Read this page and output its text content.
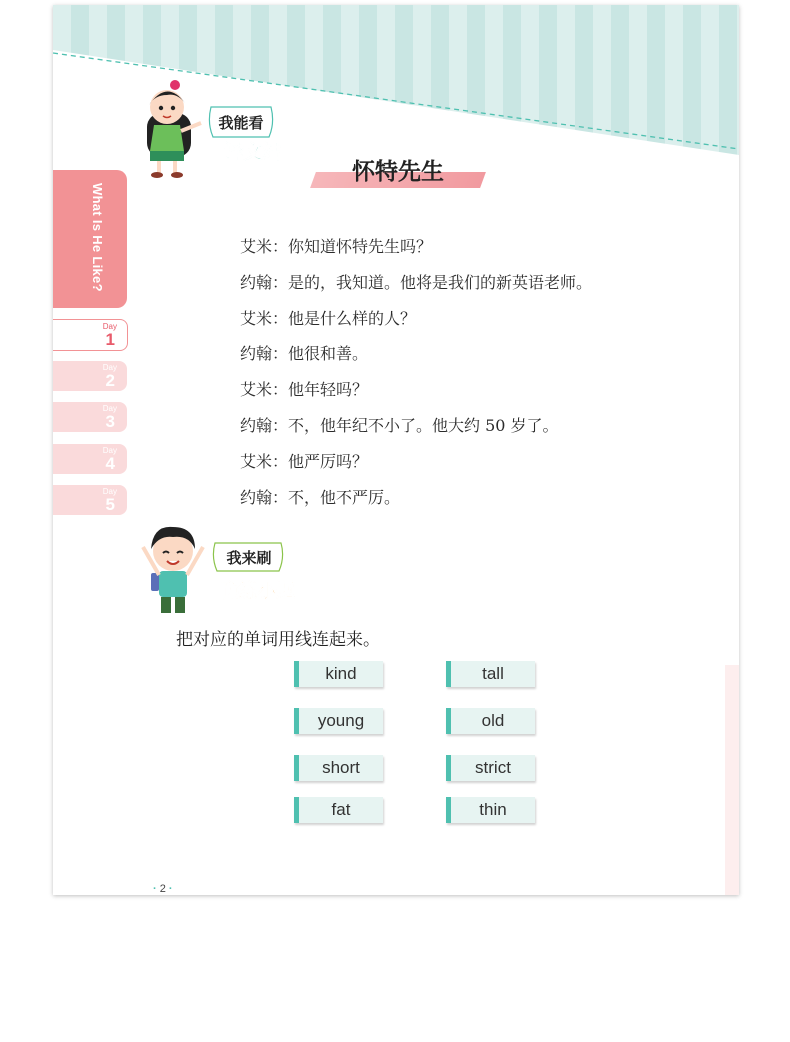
What Is He Like?
Day
1
Day
2
Day
3
Day
4
Day
5
我能看
译文站
怀特先生
艾米：你知道怀特先生吗？
约翰：是的，我知道。他将是我们的新英语老师。
艾米：他是什么样的人？
约翰：他很和善。
艾米：他年轻吗？
约翰：不，他年纪不小了。他大约 50 岁了。
艾米：他严厉吗？
约翰：不，他不严厉。
我来刷
晚练小题
把对应的单词用线连起来。
kind
young
short
fat
tall
old
strict
thin
· 2 ·
